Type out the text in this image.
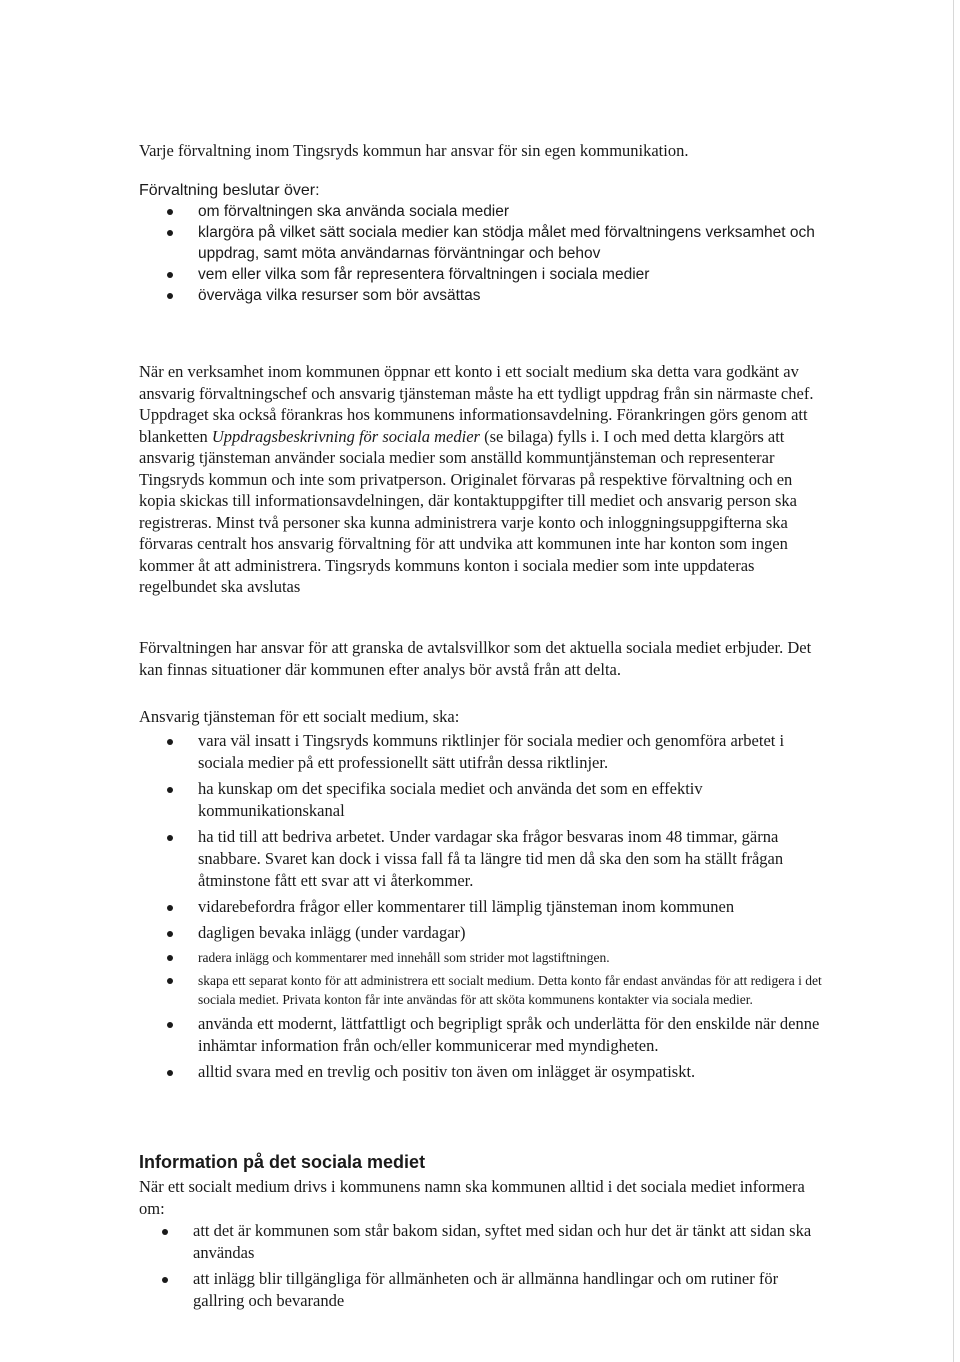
Varje förvaltning inom Tingsryds kommun har ansvar för sin egen kommunikation.

Förvaltning beslutar över:

om förvaltningen ska använda sociala medier
klargöra på vilket sätt sociala medier kan stödja målet med förvaltningens verksamhet och uppdrag, samt möta användarnas förväntningar och behov
vem eller vilka som får representera förvaltningen i sociala medier
överväga vilka resurser som bör avsättas

När en verksamhet inom kommunen öppnar ett konto i ett socialt medium ska detta vara godkänt av ansvarig förvaltningschef och ansvarig tjänsteman måste ha ett tydligt uppdrag från sin närmaste chef. Uppdraget ska också förankras hos kommunens informationsavdelning. Förankringen görs genom att blanketten Uppdragsbeskrivning för sociala medier (se bilaga) fylls i. I och med detta klargörs att ansvarig tjänsteman använder sociala medier som anställd kommuntjänsteman och representerar Tingsryds kommun och inte som privatperson. Originalet förvaras på respektive förvaltning och en kopia skickas till informationsavdelningen, där kontaktuppgifter till mediet och ansvarig person ska registreras. Minst två personer ska kunna administrera varje konto och inloggningsuppgifterna ska förvaras centralt hos ansvarig förvaltning för att undvika att kommunen inte har konton som ingen kommer åt att administrera. Tingsryds kommuns konton i sociala medier som inte uppdateras regelbundet ska avslutas

Förvaltningen har ansvar för att granska de avtalsvillkor som det aktuella sociala mediet erbjuder. Det kan finnas situationer där kommunen efter analys bör avstå från att delta.

Ansvarig tjänsteman för ett socialt medium, ska:

vara väl insatt i Tingsryds kommuns riktlinjer för sociala medier och genomföra arbetet i sociala medier på ett professionellt sätt utifrån dessa riktlinjer.
ha kunskap om det specifika sociala mediet och använda det som en effektiv kommunikationskanal
ha tid till att bedriva arbetet. Under vardagar ska frågor besvaras inom 48 timmar, gärna snabbare. Svaret kan dock i vissa fall få ta längre tid men då ska den som ha ställt frågan åtminstone fått ett svar att vi återkommer.
vidarebefordra frågor eller kommentarer till lämplig tjänsteman inom kommunen
dagligen bevaka inlägg (under vardagar)
radera inlägg och kommentarer med innehåll som strider mot lagstiftningen.
skapa ett separat konto för att administrera ett socialt medium. Detta konto får endast användas för att redigera i det sociala mediet. Privata konton får inte användas för att sköta kommunens kontakter via sociala medier.
använda ett modernt, lättfattligt och begripligt språk och underlätta för den enskilde när denne inhämtar information från och/eller kommunicerar med myndigheten.
alltid svara med en trevlig och positiv ton även om inlägget är osympatiskt.
Information på det sociala mediet

När ett socialt medium drivs i kommunens namn ska kommunen alltid i det sociala mediet informera om:

att det är kommunen som står bakom sidan, syftet med sidan och hur det är tänkt att sidan ska användas
att inlägg blir tillgängliga för allmänheten och är allmänna handlingar och om rutiner för gallring och bevarande
